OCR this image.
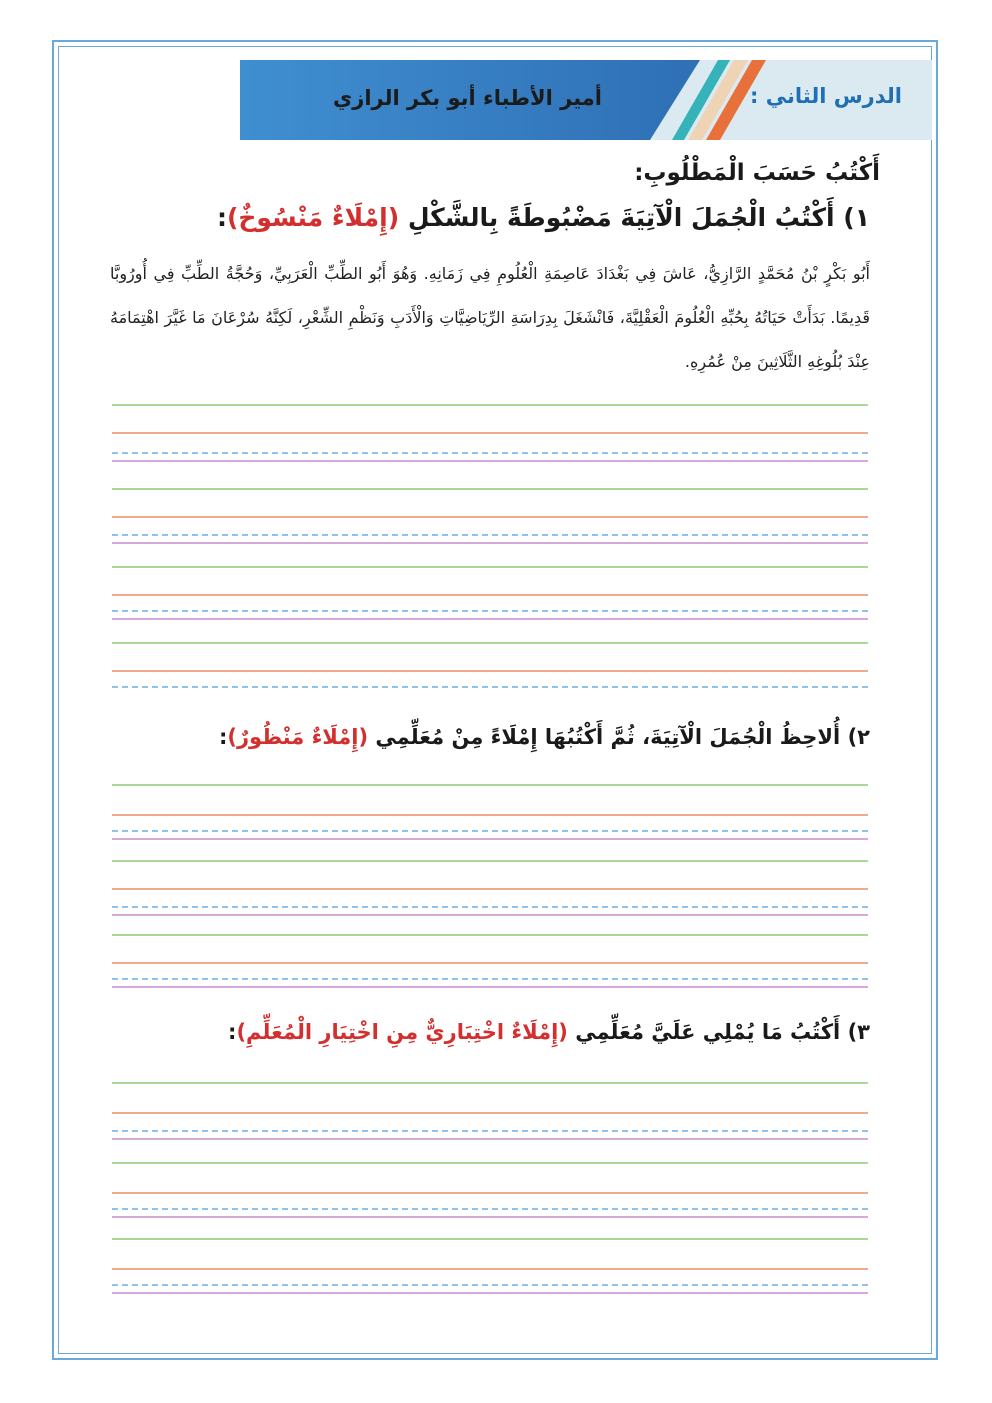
أمير الأطباء أبو بكر الرازي	الدرس الثاني :
أَكْتُبُ حَسَبَ الْمَطْلُوبِ:
١) أَكْتُبُ الْجُمَلَ الْآتِيَةَ مَضْبُوطَةً بِالشَّكْلِ (إِمْلَاءٌ مَنْسُوخٌ):
أَبُو بَكْرٍ بْنُ مُحَمَّدٍ الرَّازِيُّ، عَاشَ فِي بَغْدَادَ عَاصِمَةِ الْعُلُومِ فِي زَمَانِهِ. وَهُوَ أَبُو الطِّبِّ الْعَرَبِيِّ، وَحُجَّةُ الطِّبِّ فِي أُورُوبَّا قَدِيمًا. بَدَأَتْ حَيَاتُهُ بِحُبِّهِ الْعُلُومَ الْعَقْلِيَّةَ، فَانْشَغَلَ بِدِرَاسَةِ الرِّيَاضِيَّاتِ وَالْأَدَبِ وَنَظْمِ الشِّعْرِ، لَكِنَّهُ سُرْعَانَ مَا غَيَّرَ اهْتِمَامَهُ عِنْدَ بُلُوغِهِ الثَّلَاثِينَ مِنْ عُمُرِهِ.
٢) أُلاحِظُ الْجُمَلَ الْآتِيَةَ، ثُمَّ أَكْتُبُهَا إِمْلَاءً مِنْ مُعَلِّمِي (إِمْلَاءٌ مَنْظُورٌ):
٣) أَكْتُبُ مَا يُمْلِي عَلَيَّ مُعَلِّمِي (إِمْلَاءٌ اخْتِبَارِيٌّ مِنِ اخْتِيَارِ الْمُعَلِّمِ):
